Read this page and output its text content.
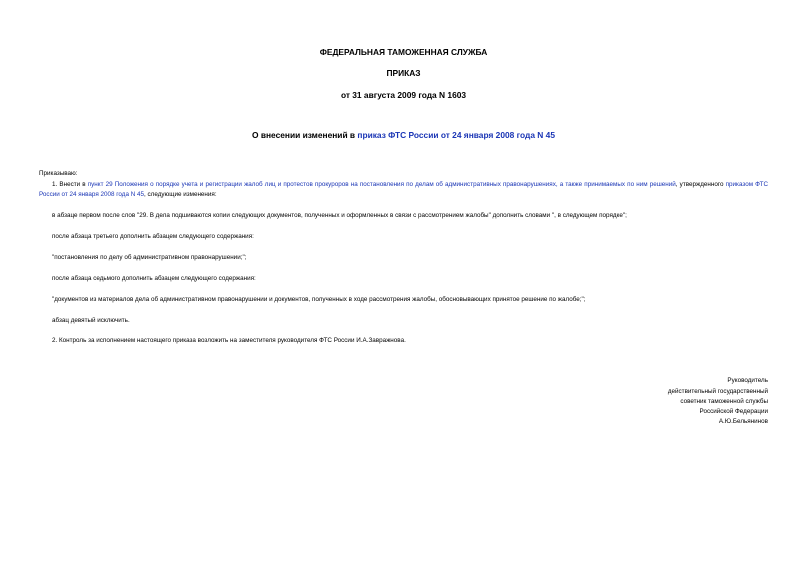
ФЕДЕРАЛЬНАЯ ТАМОЖЕННАЯ СЛУЖБА
ПРИКАЗ
от 31 августа 2009 года N 1603
О внесении изменений в приказ ФТС России от 24 января 2008 года N 45
Приказываю:
1. Внести в пункт 29 Положения о порядке учета и регистрации жалоб лиц и протестов прокуроров на постановления по делам об административных правонарушениях, а также принимаемых по ним решений, утвержденного приказом ФТС России от 24 января 2008 года N 45, следующие изменения:
в абзаце первом после слов "29. В дела подшиваются копии следующих документов, полученных и оформленных в связи с рассмотрением жалобы" дополнить словами ", в следующем порядке";
после абзаца третьего дополнить абзацем следующего содержания:
"постановления по делу об административном правонарушении;";
после абзаца седьмого дополнить абзацем следующего содержания:
"документов из материалов дела об административном правонарушении и документов, полученных в ходе рассмотрения жалобы, обосновывающих принятое решение по жалобе;";
абзац девятый исключить.
2. Контроль за исполнением настоящего приказа возложить на заместителя руководителя ФТС России И.А.Завражнова.
Руководитель
действительный государственный
советник таможенной службы
Российской Федерации
А.Ю.Бельянинов
